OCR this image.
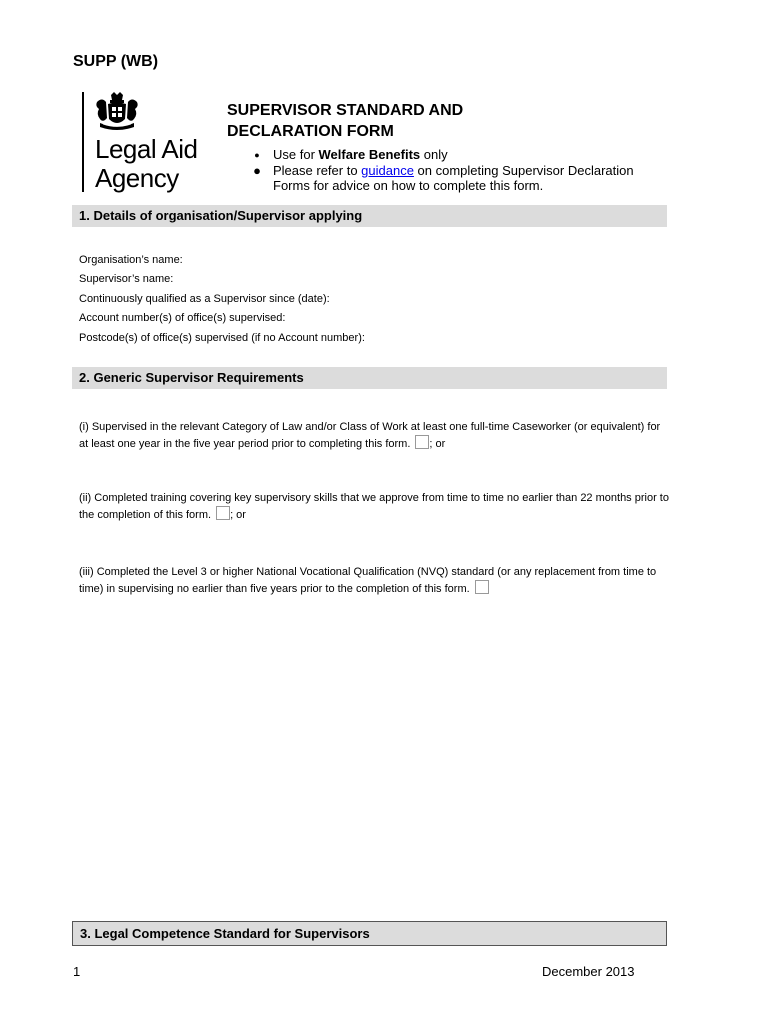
SUPP (WB)
Legal Aid
Agency
SUPERVISOR STANDARD AND
DECLARATION FORM
● Use for Welfare Benefits only
● Please refer to guidance on completing Supervisor Declaration Forms for advice on how to complete this form.
1. Details of organisation/Supervisor applying
Organisation’s name:
Supervisor’s name:
Continuously qualified as a Supervisor since (date):
Account number(s) of office(s) supervised:
Postcode(s) of office(s) supervised (if no Account number):
2. Generic Supervisor Requirements
(i) Supervised in the relevant Category of Law and/or Class of Work at least one full-time Caseworker (or equivalent) for at least one year in the five year period prior to completing this form. ; or
(ii) Completed training covering key supervisory skills that we approve from time to time no earlier than 22 months prior to the completion of this form. ; or
(iii) Completed the Level 3 or higher National Vocational Qualification (NVQ) standard (or any replacement from time to time) in supervising no earlier than five years prior to the completion of this form.
3. Legal Competence Standard for Supervisors
1	December 2013
